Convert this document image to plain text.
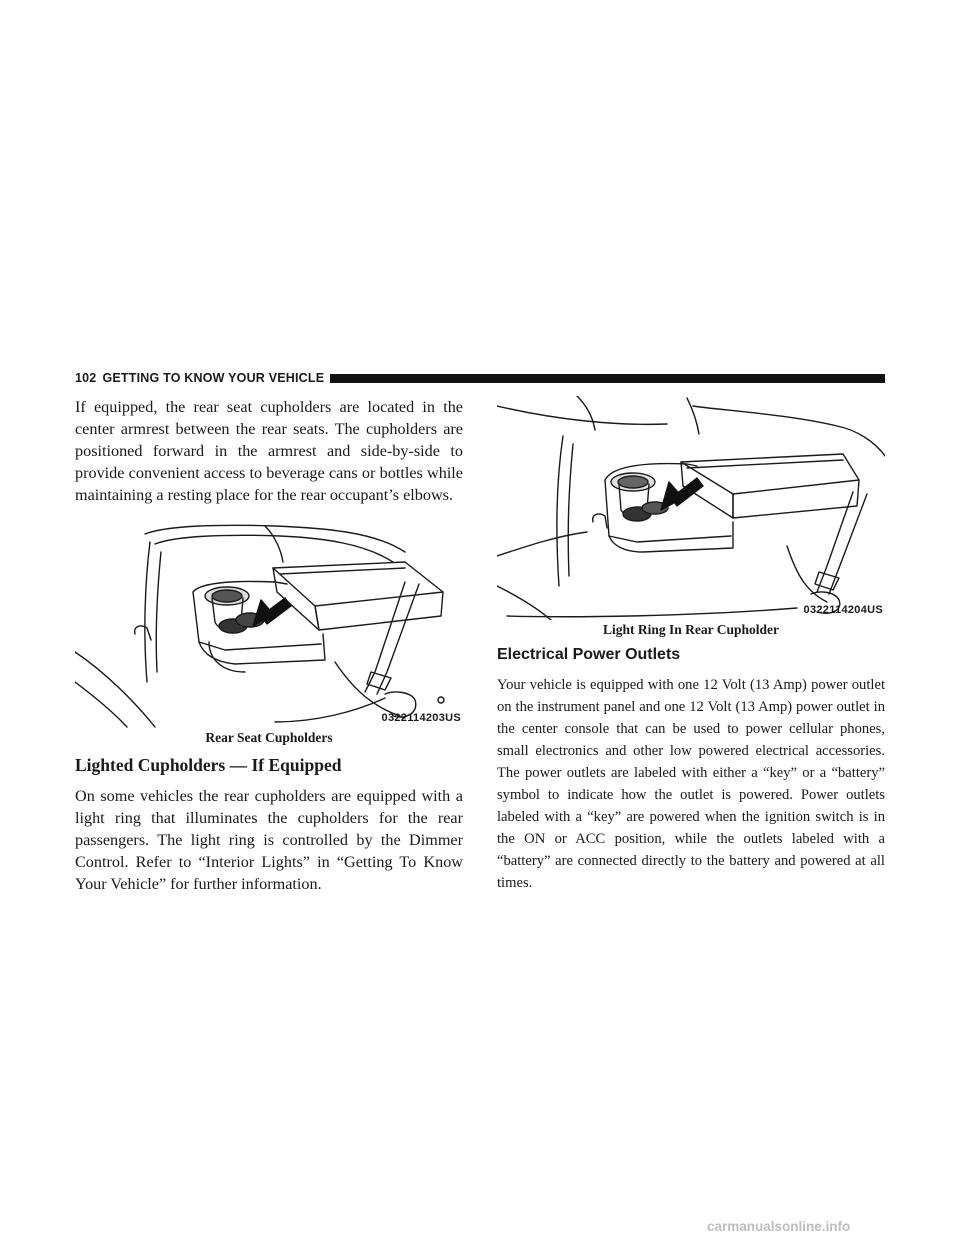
102 GETTING TO KNOW YOUR VEHICLE

If equipped, the rear seat cupholders are located in the center armrest between the rear seats. The cupholders are positioned forward in the armrest and side-by-side to provide convenient access to beverage cans or bottles while maintaining a resting place for the rear occupant’s elbows.

0322114203US
Rear Seat Cupholders
Lighted Cupholders — If Equipped

On some vehicles the rear cupholders are equipped with a light ring that illuminates the cupholders for the rear passengers. The light ring is controlled by the Dimmer Control. Refer to “Interior Lights” in “Getting To Know Your Vehicle” for further information.

0322114204US
Light Ring In Rear Cupholder
Electrical Power Outlets

Your vehicle is equipped with one 12 Volt (13 Amp) power outlet on the instrument panel and one 12 Volt (13 Amp) power outlet in the center console that can be used to power cellular phones, small electronics and other low powered electrical accessories. The power outlets are labeled with either a “key” or a “battery” symbol to indicate how the outlet is powered. Power outlets labeled with a “key” are powered when the ignition switch is in the ON or ACC position, while the outlets labeled with a “battery” are connected directly to the battery and powered at all times.

carmanualsonline.info
